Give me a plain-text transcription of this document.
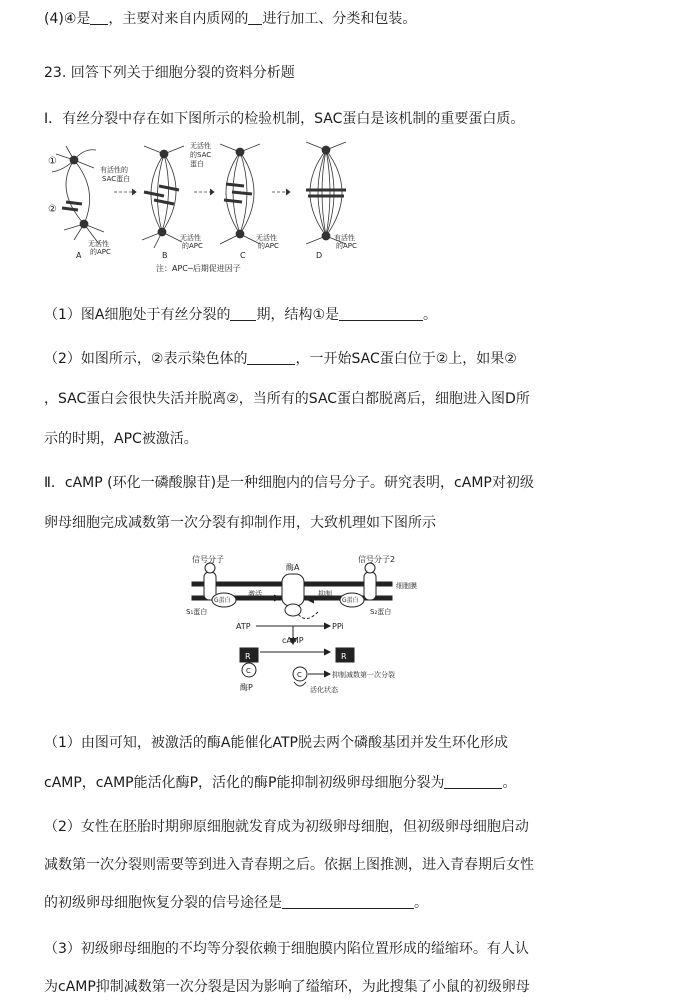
(4)④是 ，主要对来自内质网的 进行加工、分类和包装。
23. 回答下列关于细胞分裂的资料分析题
Ⅰ．有丝分裂中存在如下图所示的检验机制，SAC蛋白是该机制的重要蛋白质。
①
②
有活性的
SAC蛋白
无活性
的SAC
蛋白
无活性
的APC
无活性
的APC
无活性
的APC
有活性
的APC
A	B	C	D
注：APC─后期促进因子
（1）图A细胞处于有丝分裂的 期，结构①是	。
（2）如图所示，②表示染色体的	，一开始SAC蛋白位于②上，如果②
，SAC蛋白会很快失活并脱离②，当所有的SAC蛋白都脱离后，细胞进入图D所
示的时期，APC被激活。
Ⅱ．cAMP (环化一磷酸腺苷)是一种细胞内的信号分子。研究表明，cAMP对初级
卵母细胞完成减数第一次分裂有抑制作用，大致机理如下图所示
信号分子	信号分子2
酶A
细胞膜
G蛋白	G蛋白
激活	抑制
S₁蛋白	S₂蛋白
ATP	PPi
cAMP
R	R
C	C
酶P
抑制减数第一次分裂
活化状态
（1）由图可知，被激活的酶A能催化ATP脱去两个磷酸基团并发生环化形成
cAMP，cAMP能活化酶P，活化的酶P能抑制初级卵母细胞分裂为	。
（2）女性在胚胎时期卵原细胞就发育成为初级卵母细胞，但初级卵母细胞启动
减数第一次分裂则需要等到进入青春期之后。依据上图推测，进入青春期后女性
的初级卵母细胞恢复分裂的信号途径是	。
（3）初级卵母细胞的不均等分裂依赖于细胞膜内陷位置形成的缢缩环。有人认
为cAMP抑制减数第一次分裂是因为影响了缢缩环，为此搜集了小鼠的初级卵母
